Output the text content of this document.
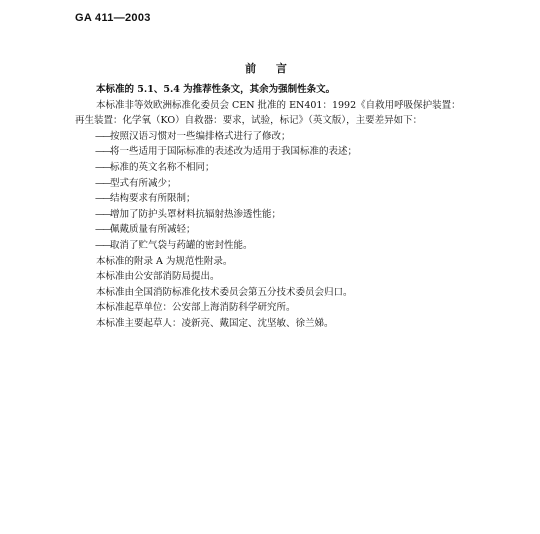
GA 411—2003
前 言

本标准的 5.1、5.4 为推荐性条文，其余为强制性条文。

本标准非等效欧洲标准化委员会 CEN 批准的 EN401：1992《自救用呼吸保护装置：再生装置：化学氧（KO）自救器：要求，试验，标记》（英文版），主要差异如下：

——按照汉语习惯对一些编排格式进行了修改；

——将一些适用于国际标准的表述改为适用于我国标准的表述；

——标准的英文名称不相同；

——型式有所减少；

——结构要求有所限制；

——增加了防护头罩材料抗辐射热渗透性能；

——佩戴质量有所减轻；

——取消了贮气袋与药罐的密封性能。

本标准的附录 A 为规范性附录。

本标准由公安部消防局提出。

本标准由全国消防标准化技术委员会第五分技术委员会归口。

本标准起草单位：公安部上海消防科学研究所。

本标准主要起草人：凌新亮、戴国定、沈坚敏、徐兰娣。
